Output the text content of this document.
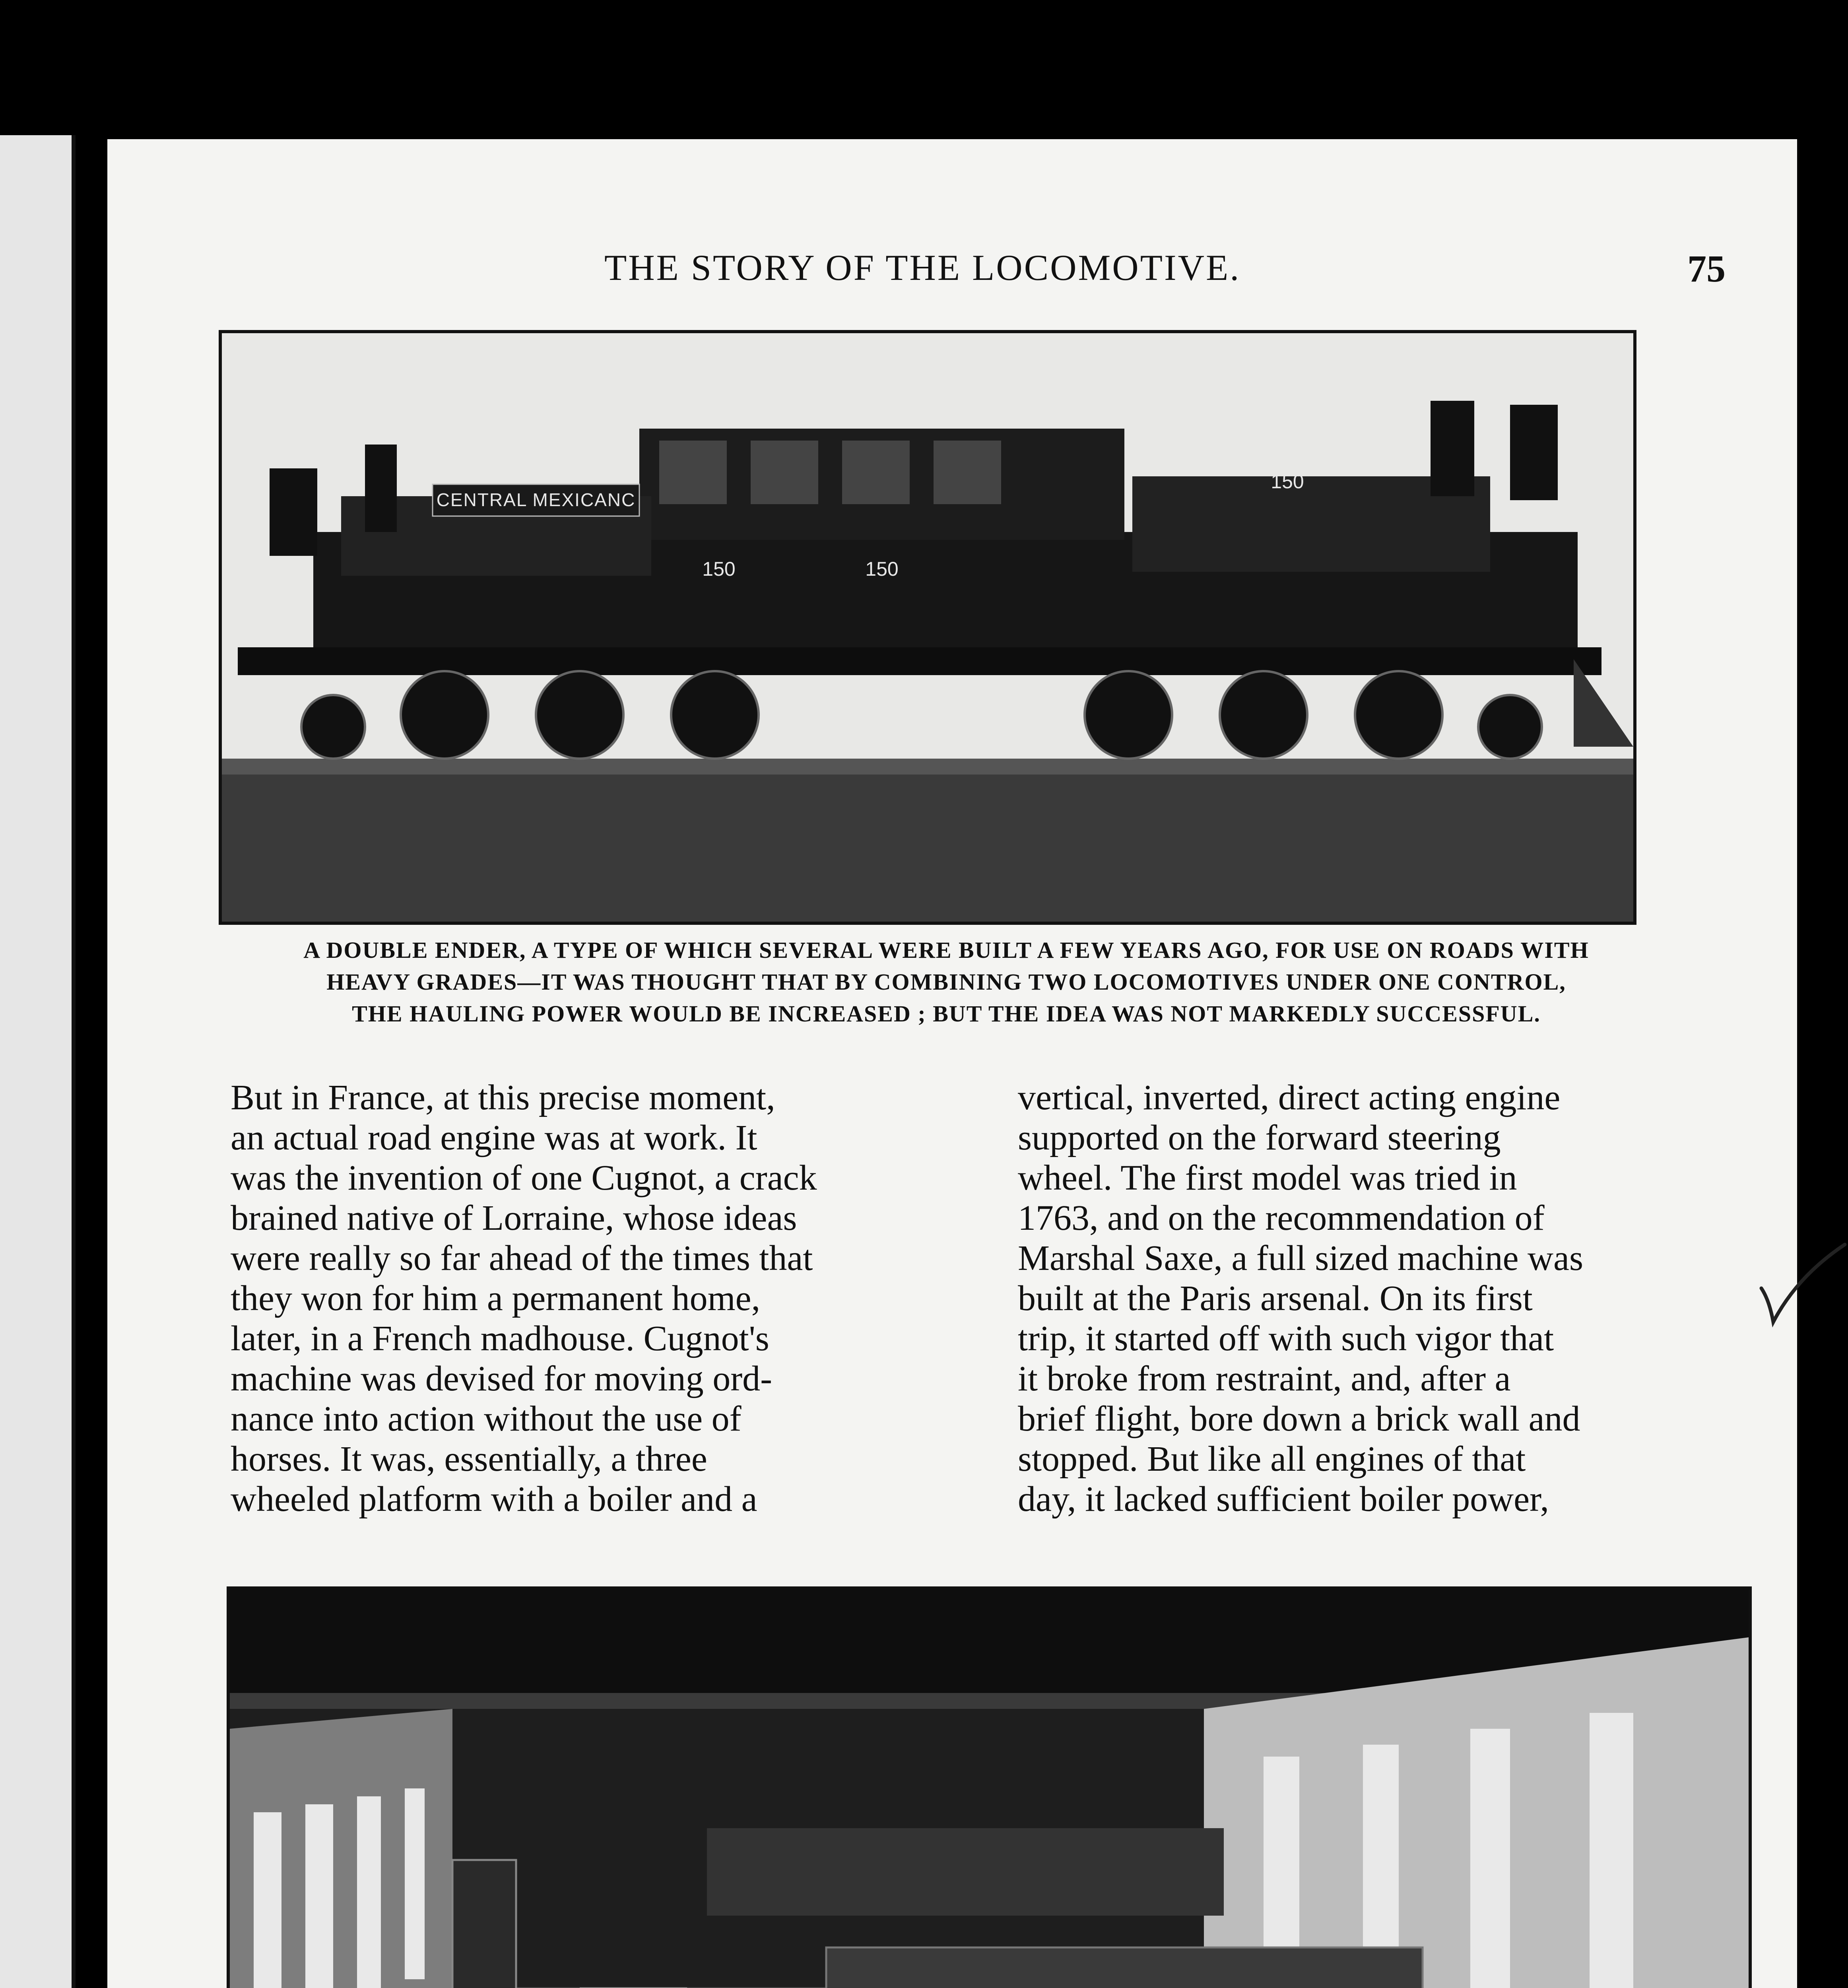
THE STORY OF THE LOCOMOTIVE.	75
CENTRAL MEXICANC
150
150	150
A DOUBLE ENDER, A TYPE OF WHICH SEVERAL WERE BUILT A FEW YEARS AGO, FOR USE ON ROADS WITH
HEAVY GRADES—IT WAS THOUGHT THAT BY COMBINING TWO LOCOMOTIVES UNDER ONE CONTROL,
THE HAULING POWER WOULD BE INCREASED ; BUT THE IDEA WAS NOT MARKEDLY SUCCESSFUL.
But in France, at this precise moment,
an actual road engine was at work. It
was the invention of one Cugnot, a crack
brained native of Lorraine, whose ideas
were really so far ahead of the times that
they won for him a permanent home,
later, in a French madhouse. Cugnot's
machine was devised for moving ord-
nance into action without the use of
horses. It was, essentially, a three
wheeled platform with a boiler and a
vertical, inverted, direct acting engine
supported on the forward steering
wheel. The first model was tried in
1763, and on the recommendation of
Marshal Saxe, a full sized machine was
built at the Paris arsenal. On its first
trip, it started off with such vigor that
it broke from restraint, and, after a
brief flight, bore down a brick wall and
stopped. But like all engines of that
day, it lacked sufficient boiler power,
